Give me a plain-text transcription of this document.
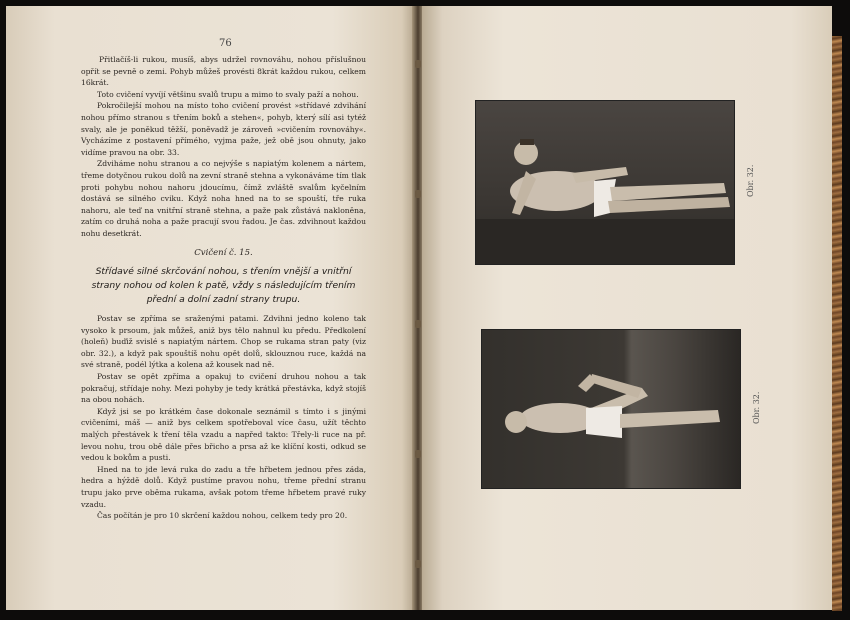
76

Přitlačíš-li rukou, musíš, abys udržel rovnováhu, nohou příslušnou opřít se pevně o zemi. Pohyb můžeš provésti 8krát každou rukou, celkem 16krát.

Toto cvičení vyvíjí většinu svalů trupu a mimo to svaly paží a nohou.

Pokročilejší mohou na místo toho cvičení provést »střídavé zdvihání nohou přímo stranou s třením boků a stehen«, pohyb, který sílí asi tytéž svaly, ale je poněkud těžší, poněvadž je zároveň »cvičením rovnováhy«. Vycházíme z postavení přímého, vyjma paže, jež obě jsou ohnuty, jako vidíme pravou na obr. 33.

Zdviháme nohu stranou a co nejvýše s napiatým kolenem a nártem, třeme dotyčnou rukou dolů na zevní straně stehna a vykonáváme tím tlak proti pohybu nohou nahoru jdoucímu, čímž zvláště svalům kyčelním dostává se silného cviku. Když noha hned na to se spouští, tře ruka nahoru, ale teď na vnitřní straně stehna, a paže pak zůstává nakloněna, zatím co druhá noha a paže pracují svou řadou. Je čas. zdvihnout každou nohu desetkrát.

Cvičení č. 15.

Střídavé silné skrčování nohou, s třením vnější a vnitřní strany nohou od kolen k patě, vždy s následujícím třením přední a dolní zadní strany trupu.

Postav se zpříma se sraženými patami. Zdvihni jedno koleno tak vysoko k prsoum, jak můžeš, aniž bys tělo nahnul ku předu. Předkolení (holeň) buďiž svislé s napiatým nártem. Chop se rukama stran paty (viz obr. 32.), a když pak spouštíš nohu opět dolů, sklouznou ruce, každá na své straně, podél lýtka a kolena až kousek nad ně.

Postav se opět zpříma a opakuj to cvičení druhou nohou a tak pokračuj, střídaje nohy. Mezi pohyby je tedy krátká přestávka, když stojíš na obou nohách.

Když jsi se po krátkém čase dokonale seznámil s tímto i s jinými cvičeními, máš — aniž bys celkem spotřeboval více času, užít těchto malých přestávek k tření těla vzadu a napřed takto: Třely-li ruce na př. levou nohu, trou obě dále přes břicho a prsa až ke klíční kosti, odkud se vedou k bokům a pusti.

Hned na to jde levá ruka do zadu a tře hřbetem jednou přes záda, hedra a hýždě dolů. Když pustíme pravou nohu, třeme přední stranu trupu jako prve oběma rukama, avšak potom třeme hřbetem pravé ruky vzadu.

Čas počítán je pro 10 skrčení každou nohou, celkem tedy pro 20.

Obr. 32.
Obr. 32.
